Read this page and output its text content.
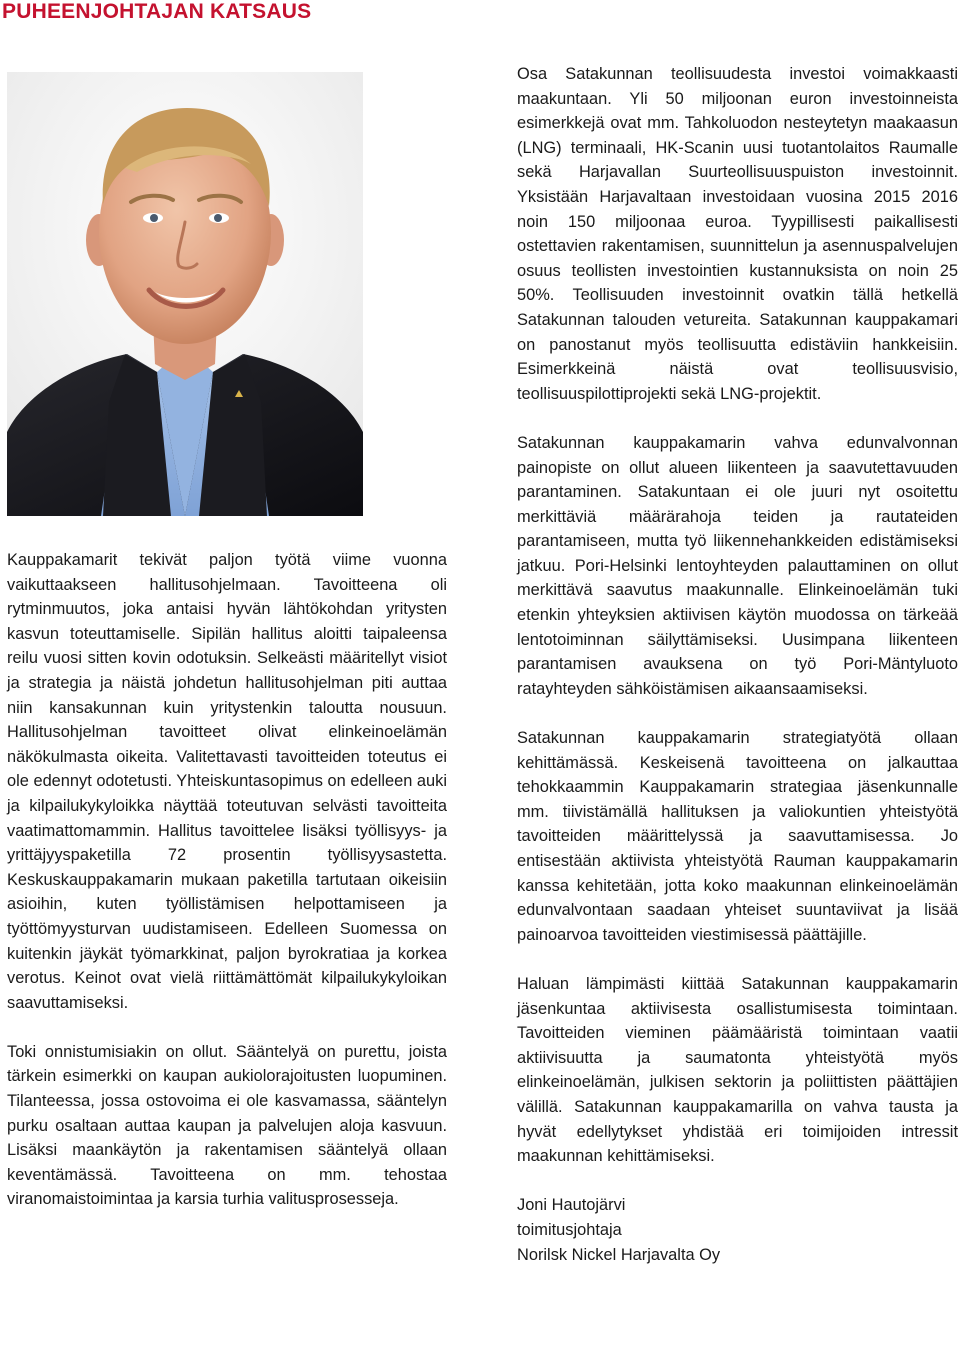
PUHEENJOHTAJAN KATSAUS

Kauppakamarit tekivät paljon työtä viime vuonna vaikuttaakseen hallitusohjelmaan. Tavoitteena oli rytminmuutos, joka antaisi hyvän lähtökohdan yritysten kasvun toteuttamiselle. Sipilän hallitus aloitti taipaleensa reilu vuosi sitten kovin odotuksin. Selkeästi määritellyt visiot ja strategia ja näistä johdetun hallitusohjelman piti auttaa niin kansakunnan kuin yritystenkin taloutta nousuun. Hallitusohjelman tavoitteet olivat elinkeinoelämän näkökulmasta oikeita. Valitettavasti tavoitteiden toteutus ei ole edennyt odotetusti. Yhteiskuntasopimus on edelleen auki ja kilpailukykyloikka näyttää toteutuvan selvästi tavoitteita vaatimattomammin. Hallitus tavoittelee lisäksi työllisyys- ja yrittäjyyspaketilla 72 prosentin työllisyysastetta. Keskuskauppakamarin mukaan paketilla tartutaan oikeisiin asioihin, kuten työllistämisen helpottamiseen ja työttömyysturvan uudistamiseen. Edelleen Suomessa on kuitenkin jäykät työmarkkinat, paljon byrokratiaa ja korkea verotus. Keinot ovat vielä riittämättömät kilpailukykyloikan saavuttamiseksi.

Toki onnistumisiakin on ollut. Sääntelyä on purettu, joista tärkein esimerkki on kaupan aukiolorajoitusten luopuminen. Tilanteessa, jossa ostovoima ei ole kasvamassa, sääntelyn purku osaltaan auttaa kaupan ja palvelujen aloja kasvuun. Lisäksi maankäytön ja rakentamisen sääntelyä ollaan keventämässä. Tavoitteena on mm. tehostaa viranomaistoimintaa ja karsia turhia valitusprosesseja.

Osa Satakunnan teollisuudesta investoi voimakkaasti maakuntaan. Yli 50 miljoonan euron investoinneista esimerkkejä ovat mm. Tahkoluodon nesteytetyn maakaasun (LNG) terminaali, HK-Scanin uusi tuotantolaitos Raumalle sekä Harjavallan Suurteollisuuspuiston investoinnit. Yksistään Harjavaltaan investoidaan vuosina 2015 2016 noin 150 miljoonaa euroa. Tyypillisesti paikallisesti ostettavien rakentamisen, suunnittelun ja asennuspalvelujen osuus teollisten investointien kustannuksista on noin 25 50%. Teollisuuden investoinnit ovatkin tällä hetkellä Satakunnan talouden vetureita. Satakunnan kauppakamari on panostanut myös teollisuutta edistäviin hankkeisiin. Esimerkkeinä näistä ovat teollisuusvisio, teollisuuspilottiprojekti sekä LNG-projektit.

Satakunnan kauppakamarin vahva edunvalvonnan painopiste on ollut alueen liikenteen ja saavutettavuuden parantaminen. Satakuntaan ei ole juuri nyt osoitettu merkittäviä määrärahoja teiden ja rautateiden parantamiseen, mutta työ liikennehankkeiden edistämiseksi jatkuu. Pori-Helsinki lentoyhteyden palauttaminen on ollut merkittävä saavutus maakunnalle. Elinkeinoelämän tuki etenkin yhteyksien aktiivisen käytön muodossa on tärkeää lentotoiminnan säilyttämiseksi. Uusimpana liikenteen parantamisen avauksena on työ Pori-Mäntyluoto ratayhteyden sähköistämisen aikaansaamiseksi.

Satakunnan kauppakamarin strategiatyötä ollaan kehittämässä. Keskeisenä tavoitteena on jalkauttaa tehokkaammin Kauppakamarin strategiaa jäsenkunnalle mm. tiivistämällä hallituksen ja valiokuntien yhteistyötä tavoitteiden määrittelyssä ja saavuttamisessa. Jo entisestään aktiivista yhteistyötä Rauman kauppakamarin kanssa kehitetään, jotta koko maakunnan elinkeinoelämän edunvalvontaan saadaan yhteiset suuntaviivat ja lisää painoarvoa tavoitteiden viestimisessä päättäjille.

Haluan lämpimästi kiittää Satakunnan kauppakamarin jäsenkuntaa aktiivisesta osallistumisesta toimintaan. Tavoitteiden vieminen päämääristä toimintaan vaatii aktiivisuutta ja saumatonta yhteistyötä myös elinkeinoelämän, julkisen sektorin ja poliittisten päättäjien välillä. Satakunnan kauppakamarilla on vahva tausta ja hyvät edellytykset yhdistää eri toimijoiden intressit maakunnan kehittämiseksi.

Joni Hautojärvi
toimitusjohtaja
Norilsk Nickel Harjavalta Oy
